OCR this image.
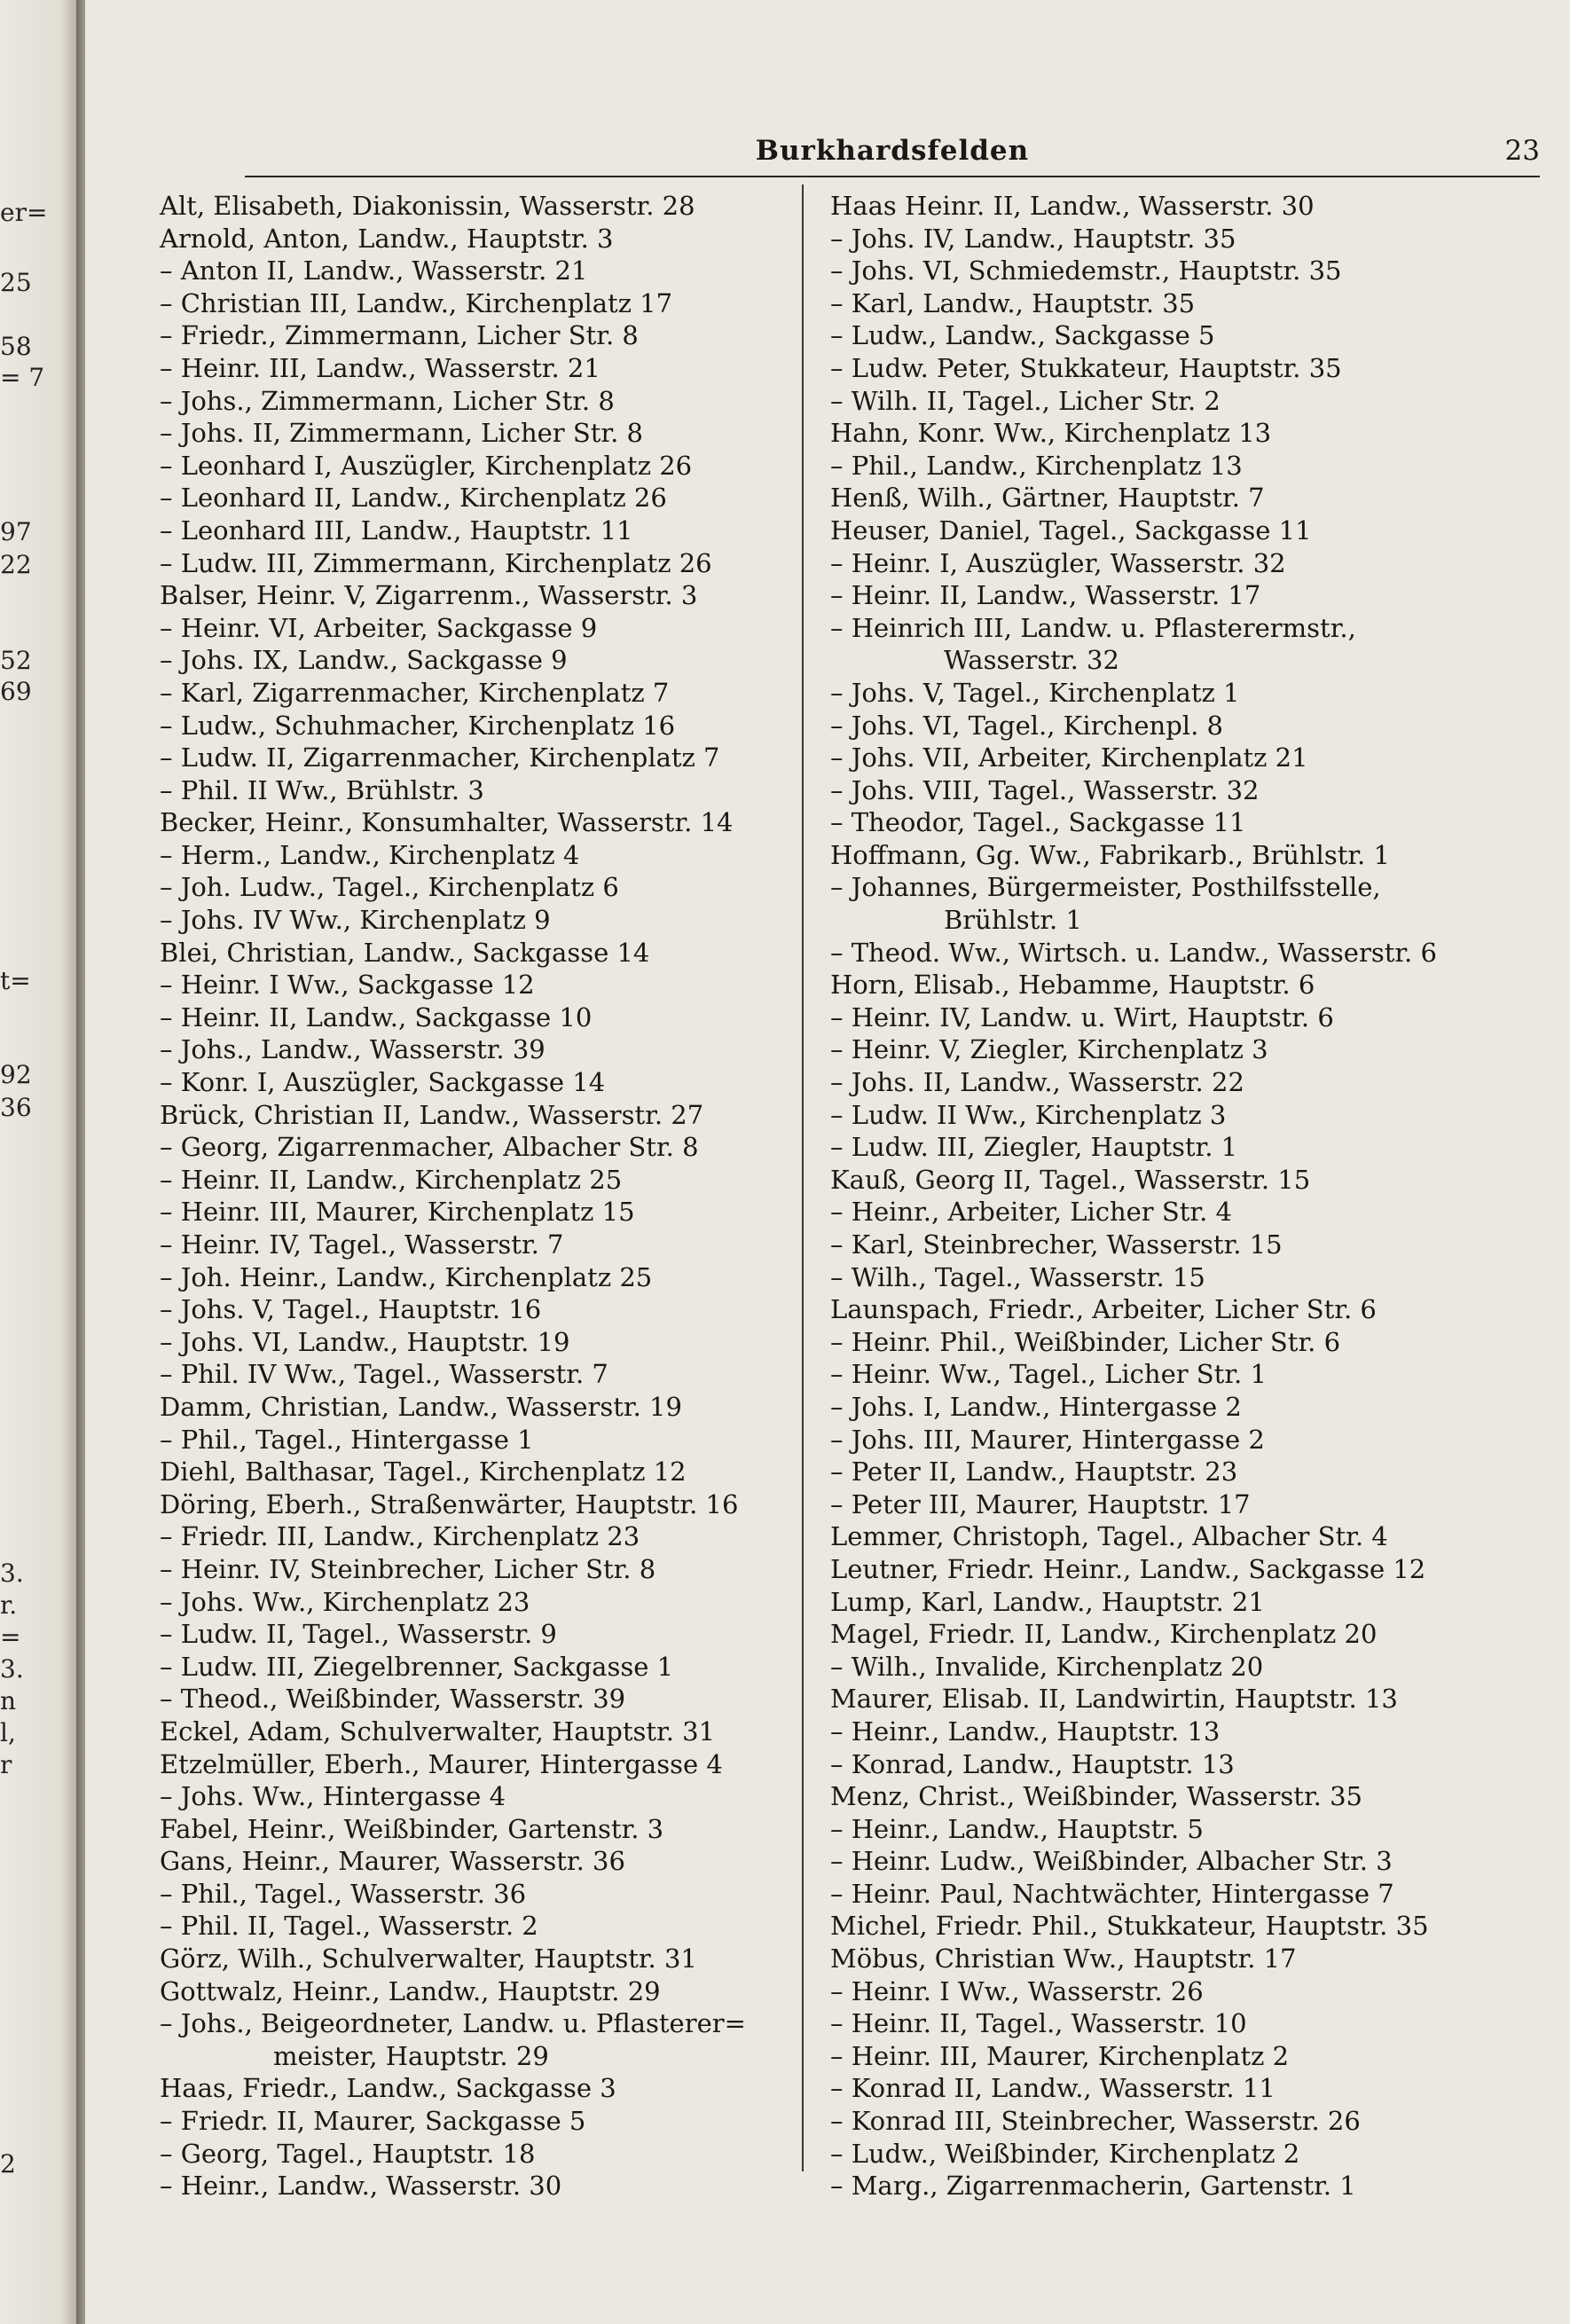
er=
25
58
= 7
97
22
52
69
t=
92
36
3.
r.
=
3.
n
l,
r
2
Burkhardsfelden	23
Alt, Elisabeth, Diakonissin, Wasserstr. 28
Arnold, Anton, Landw., Hauptstr. 3
– Anton II, Landw., Wasserstr. 21
– Christian III, Landw., Kirchenplatz 17
– Friedr., Zimmermann, Licher Str. 8
– Heinr. III, Landw., Wasserstr. 21
– Johs., Zimmermann, Licher Str. 8
– Johs. II, Zimmermann, Licher Str. 8
– Leonhard I, Auszügler, Kirchenplatz 26
– Leonhard II, Landw., Kirchenplatz 26
– Leonhard III, Landw., Hauptstr. 11
– Ludw. III, Zimmermann, Kirchenplatz 26
Balser, Heinr. V, Zigarrenm., Wasserstr. 3
– Heinr. VI, Arbeiter, Sackgasse 9
– Johs. IX, Landw., Sackgasse 9
– Karl, Zigarrenmacher, Kirchenplatz 7
– Ludw., Schuhmacher, Kirchenplatz 16
– Ludw. II, Zigarrenmacher, Kirchenplatz 7
– Phil. II Ww., Brühlstr. 3
Becker, Heinr., Konsumhalter, Wasserstr. 14
– Herm., Landw., Kirchenplatz 4
– Joh. Ludw., Tagel., Kirchenplatz 6
– Johs. IV Ww., Kirchenplatz 9
Blei, Christian, Landw., Sackgasse 14
– Heinr. I Ww., Sackgasse 12
– Heinr. II, Landw., Sackgasse 10
– Johs., Landw., Wasserstr. 39
– Konr. I, Auszügler, Sackgasse 14
Brück, Christian II, Landw., Wasserstr. 27
– Georg, Zigarrenmacher, Albacher Str. 8
– Heinr. II, Landw., Kirchenplatz 25
– Heinr. III, Maurer, Kirchenplatz 15
– Heinr. IV, Tagel., Wasserstr. 7
– Joh. Heinr., Landw., Kirchenplatz 25
– Johs. V, Tagel., Hauptstr. 16
– Johs. VI, Landw., Hauptstr. 19
– Phil. IV Ww., Tagel., Wasserstr. 7
Damm, Christian, Landw., Wasserstr. 19
– Phil., Tagel., Hintergasse 1
Diehl, Balthasar, Tagel., Kirchenplatz 12
Döring, Eberh., Straßenwärter, Hauptstr. 16
– Friedr. III, Landw., Kirchenplatz 23
– Heinr. IV, Steinbrecher, Licher Str. 8
– Johs. Ww., Kirchenplatz 23
– Ludw. II, Tagel., Wasserstr. 9
– Ludw. III, Ziegelbrenner, Sackgasse 1
– Theod., Weißbinder, Wasserstr. 39
Eckel, Adam, Schulverwalter, Hauptstr. 31
Etzelmüller, Eberh., Maurer, Hintergasse 4
– Johs. Ww., Hintergasse 4
Fabel, Heinr., Weißbinder, Gartenstr. 3
Gans, Heinr., Maurer, Wasserstr. 36
– Phil., Tagel., Wasserstr. 36
– Phil. II, Tagel., Wasserstr. 2
Görz, Wilh., Schulverwalter, Hauptstr. 31
Gottwalz, Heinr., Landw., Hauptstr. 29
– Johs., Beigeordneter, Landw. u. Pflasterer=
meister, Hauptstr. 29
Haas, Friedr., Landw., Sackgasse 3
– Friedr. II, Maurer, Sackgasse 5
– Georg, Tagel., Hauptstr. 18
– Heinr., Landw., Wasserstr. 30
Haas Heinr. II, Landw., Wasserstr. 30
– Johs. IV, Landw., Hauptstr. 35
– Johs. VI, Schmiedemstr., Hauptstr. 35
– Karl, Landw., Hauptstr. 35
– Ludw., Landw., Sackgasse 5
– Ludw. Peter, Stukkateur, Hauptstr. 35
– Wilh. II, Tagel., Licher Str. 2
Hahn, Konr. Ww., Kirchenplatz 13
– Phil., Landw., Kirchenplatz 13
Henß, Wilh., Gärtner, Hauptstr. 7
Heuser, Daniel, Tagel., Sackgasse 11
– Heinr. I, Auszügler, Wasserstr. 32
– Heinr. II, Landw., Wasserstr. 17
– Heinrich III, Landw. u. Pflasterermstr.,
Wasserstr. 32
– Johs. V, Tagel., Kirchenplatz 1
– Johs. VI, Tagel., Kirchenpl. 8
– Johs. VII, Arbeiter, Kirchenplatz 21
– Johs. VIII, Tagel., Wasserstr. 32
– Theodor, Tagel., Sackgasse 11
Hoffmann, Gg. Ww., Fabrikarb., Brühlstr. 1
– Johannes, Bürgermeister, Posthilfsstelle,
Brühlstr. 1
– Theod. Ww., Wirtsch. u. Landw., Wasserstr. 6
Horn, Elisab., Hebamme, Hauptstr. 6
– Heinr. IV, Landw. u. Wirt, Hauptstr. 6
– Heinr. V, Ziegler, Kirchenplatz 3
– Johs. II, Landw., Wasserstr. 22
– Ludw. II Ww., Kirchenplatz 3
– Ludw. III, Ziegler, Hauptstr. 1
Kauß, Georg II, Tagel., Wasserstr. 15
– Heinr., Arbeiter, Licher Str. 4
– Karl, Steinbrecher, Wasserstr. 15
– Wilh., Tagel., Wasserstr. 15
Launspach, Friedr., Arbeiter, Licher Str. 6
– Heinr. Phil., Weißbinder, Licher Str. 6
– Heinr. Ww., Tagel., Licher Str. 1
– Johs. I, Landw., Hintergasse 2
– Johs. III, Maurer, Hintergasse 2
– Peter II, Landw., Hauptstr. 23
– Peter III, Maurer, Hauptstr. 17
Lemmer, Christoph, Tagel., Albacher Str. 4
Leutner, Friedr. Heinr., Landw., Sackgasse 12
Lump, Karl, Landw., Hauptstr. 21
Magel, Friedr. II, Landw., Kirchenplatz 20
– Wilh., Invalide, Kirchenplatz 20
Maurer, Elisab. II, Landwirtin, Hauptstr. 13
– Heinr., Landw., Hauptstr. 13
– Konrad, Landw., Hauptstr. 13
Menz, Christ., Weißbinder, Wasserstr. 35
– Heinr., Landw., Hauptstr. 5
– Heinr. Ludw., Weißbinder, Albacher Str. 3
– Heinr. Paul, Nachtwächter, Hintergasse 7
Michel, Friedr. Phil., Stukkateur, Hauptstr. 35
Möbus, Christian Ww., Hauptstr. 17
– Heinr. I Ww., Wasserstr. 26
– Heinr. II, Tagel., Wasserstr. 10
– Heinr. III, Maurer, Kirchenplatz 2
– Konrad II, Landw., Wasserstr. 11
– Konrad III, Steinbrecher, Wasserstr. 26
– Ludw., Weißbinder, Kirchenplatz 2
– Marg., Zigarrenmacherin, Gartenstr. 1
